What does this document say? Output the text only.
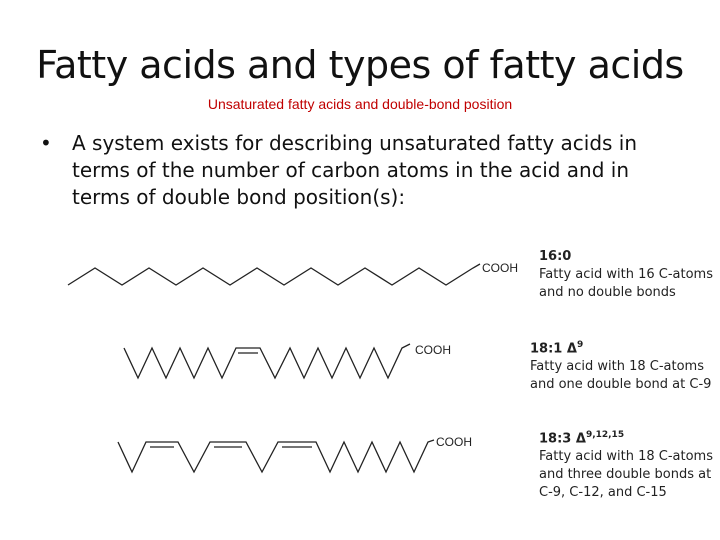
Fatty acids and types of fatty acids
Unsaturated fatty acids and double-bond position
•	A system exists for describing unsaturated fatty acids in terms of the number of carbon atoms in the acid and in terms of double bond position(s):
COOH
COOH
COOH
16:0
Fatty acid with 16 C-atoms
and no double bonds
18:1 $\Delta^9$
Fatty acid with 18 C-atoms
and one double bond at C-9
18:3 Δ$^{9,12,15}$
Fatty acid with 18 C-atoms
and three double bonds at
C-9, C-12, and C-15
